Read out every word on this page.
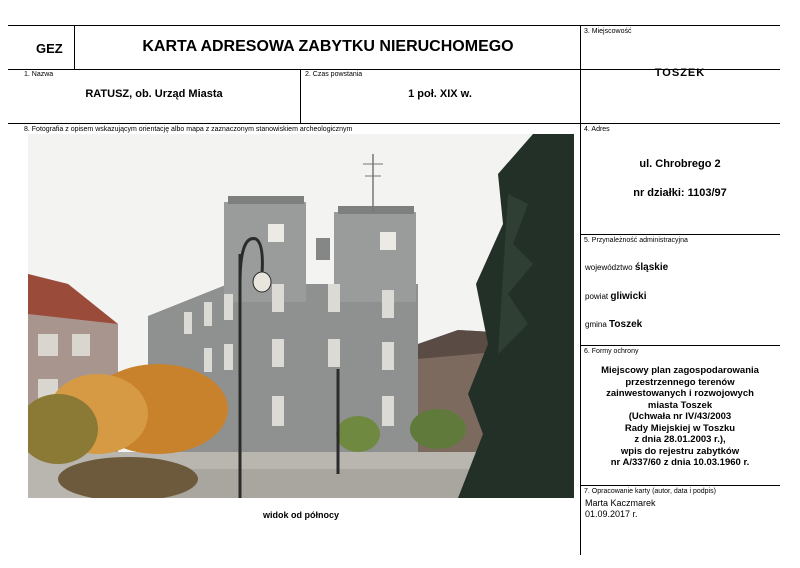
GEZ	KARTA ADRESOWA ZABYTKU NIERUCHOMEGO
1. Nazwa
RATUSZ, ob. Urząd Miasta
2. Czas powstania
1 poł. XIX w.
3. Miejscowość
TOSZEK
4. Adres
ul. Chrobrego 2
nr działki: 1103/97
5. Przynależność administracyjna
województwo śląskie
powiat gliwicki
gmina Toszek
6. Formy ochrony
Miejscowy plan zagospodarowania
przestrzennego terenów
zainwestowanych i rozwojowych
miasta Toszek
(Uchwała nr IV/43/2003
Rady Miejskiej w Toszku
z dnia 28.01.2003 r.),
wpis do rejestru zabytków
nr A/337/60 z dnia 10.03.1960 r.
7. Opracowanie karty (autor, data i podpis)
Marta Kaczmarek
01.09.2017 r.
8. Fotografia z opisem wskazującym orientację albo mapa z zaznaczonym stanowiskiem archeologicznym
widok od północy
